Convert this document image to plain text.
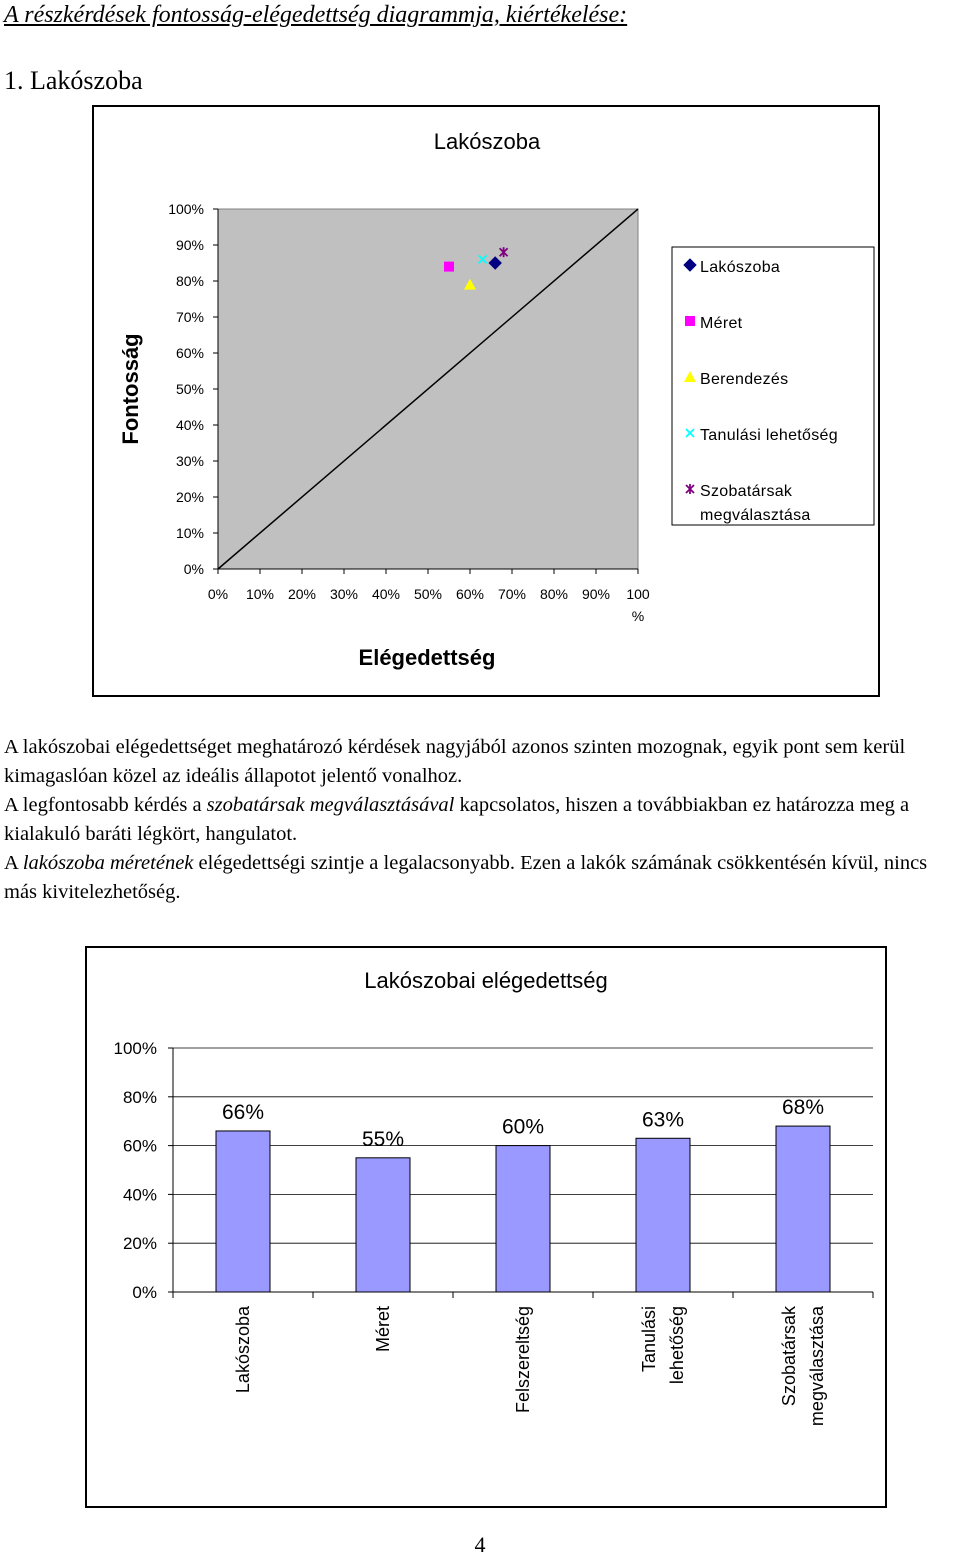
A részkérdések fontosság-elégedettség diagrammja, kiértékelése:
1. Lakószoba
Lakószoba
0%
10%
20%
30%
40%
50%
60%
70%
80%
90%
100%
0% 10% 20% 30% 40% 50% 60% 70% 80% 90% 100 %
Elégedettség
Fontosság
Lakószoba
Méret
Berendezés
Tanulási lehetőség
Szobatársak megválasztása

A lakószobai elégedettséget meghatározó kérdések nagyjából azonos szinten mozognak, egyik pont sem kerül kimagaslóan közel az ideális állapotot jelentő vonalhoz.

A legfontosabb kérdés a szobatársak megválasztásával kapcsolatos, hiszen a továbbiakban ez határozza meg a kialakuló baráti légkört, hangulatot.

A lakószoba méretének elégedettségi szintje a legalacsonyabb. Ezen a lakók számának csökkentésén kívül, nincs más kivitelezhetőség.

Lakószobai elégedettség
0%
20%
40%
60%
80%
100%
66%
Lakószoba
55%
Méret
60%
Felszereltség
63%
Tanulási lehetőség
68%
Szobatársak megválasztása
4
